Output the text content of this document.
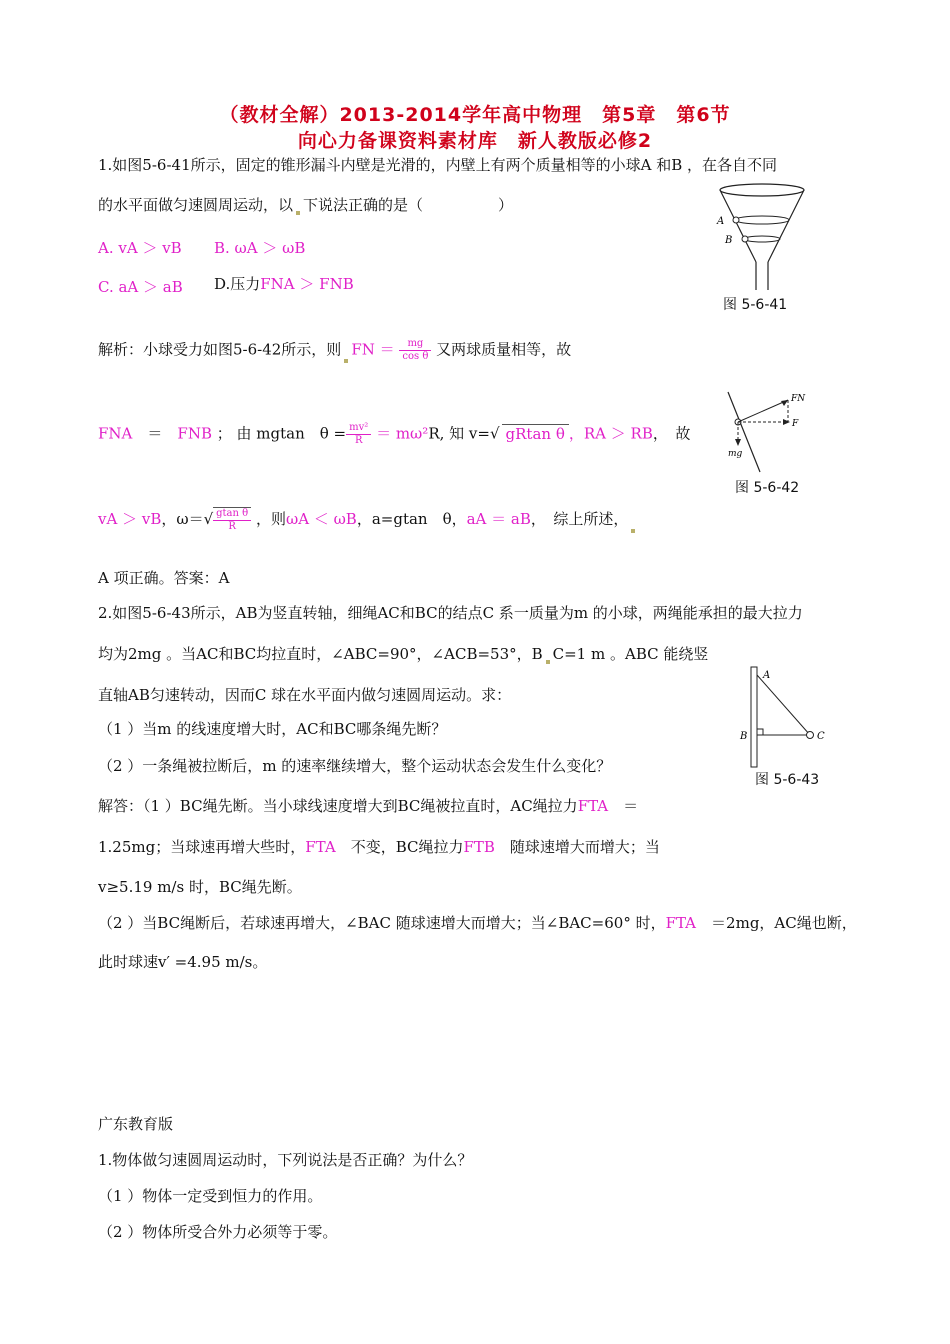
（教材全解）2013-2014学年高中物理　第5章　第6节
向心力备课资料素材库　新人教版必修2
1.如图5-6-41所示，固定的锥形漏斗内壁是光滑的，内壁上有两个质量相等的小球A 和B ，在各自不同
的水平面做匀速圆周运动，以 下说法正确的是（　　　　　）
A. vA ＞ vB B. ωA ＞ ωB
C. aA ＞ aB D.压力FNA ＞ FNB
A
B
图 5-6-41
解析：小球受力如图5-6-42所示，则 FN ＝ $\frac{mg}{\text{cos θ}}$ 又两球质量相等，故
FN
F
mg
图 5-6-42
FNA　 ＝　 FNB ； 由 mgtan　$\theta = \frac{\text{mv²}}{R} = m\omega^2R$, 知 v=√ gRtan θ ，RA ＞ RB，　故
vA ＞ vB，$\omega=√ \frac{\text{gtan θ}}{R}$ ，则ωA ＜ ωB，a=gtan　θ，aA ＝ aB，　综上所述，
A 项正确。答案：A
2.如图5-6-43所示，AB为竖直转轴，细绳AC和BC的结点C 系一质量为m 的小球，两绳能承担的最大拉力
均为2mg 。当AC和BC均拉直时，∠ABC=90°，∠ACB=53°，B C=1 m 。ABC 能绕竖
直轴AB匀速转动，因而C 球在水平面内做匀速圆周运动。求：
（1 ）当m 的线速度增大时，AC和BC哪条绳先断？
（2 ）一条绳被拉断后，m 的速率继续增大，整个运动状态会发生什么变化？
A
B	C
图 5-6-43
解答：（1 ）BC绳先断。当小球线速度增大到BC绳被拉直时，AC绳拉力FTA　 ＝
1.25mg；当球速再增大些时，FTA　 不变，BC绳拉力FTB　 随球速增大而增大；当
v≥5.19 m/s 时，BC绳先断。
（2 ）当BC绳断后，若球速再增大，∠BAC 随球速增大而增大；当∠BAC=60° 时，FTA　 ＝2mg，AC绳也断，
此时球速v′ =4.95 m/s。
广东教育版
1.物体做匀速圆周运动时，下列说法是否正确？为什么？
（1 ）物体一定受到恒力的作用。
（2 ）物体所受合外力必须等于零。
